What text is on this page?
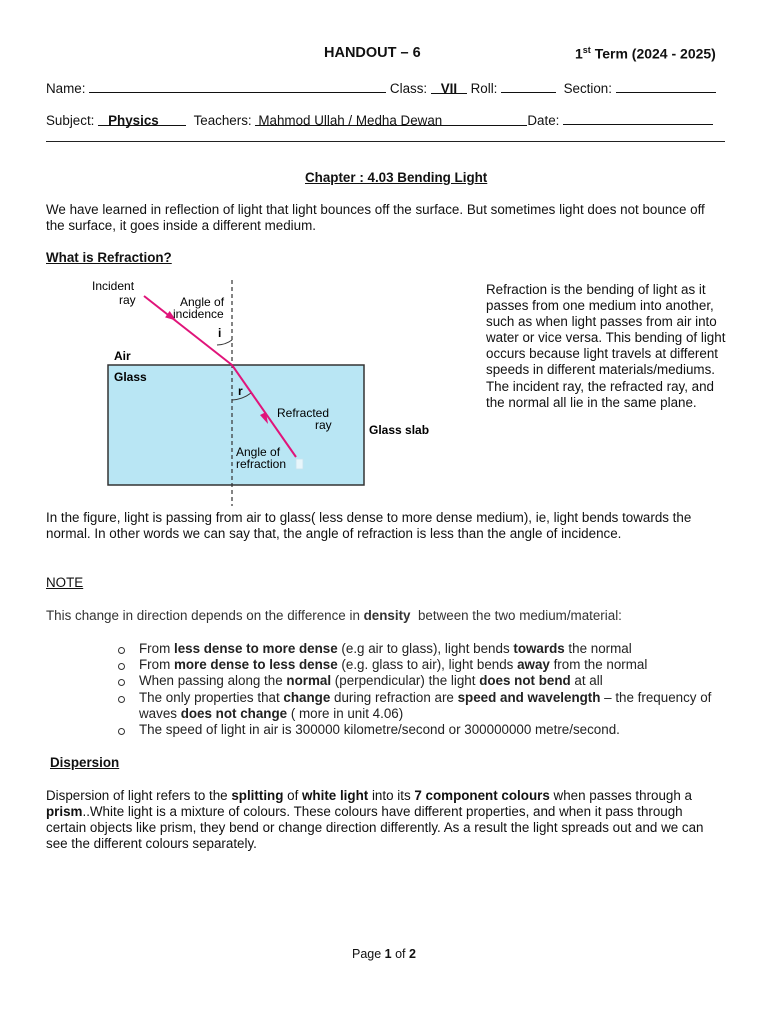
HANDOUT – 6	1st Term (2024 - 2025)
Name:	Class: VII Roll:	Section:
Subject: Physics	Teachers: Mahmod Ullah / Medha Dewan	Date:
Chapter : 4.03 Bending Light
We have learned in reflection of light that light bounces off the surface. But sometimes light does not bounce off the surface, it goes inside a different medium.
What is Refraction?
Incident
ray	Angle of
incidence
i
Air
Glass
r
Refracted
ray	Glass slab
Angle of
refraction
Refraction is the bending of light as it passes from one medium into another, such as when light passes from air into water or vice versa. This bending of light occurs because light travels at different speeds in different materials/mediums. The incident ray, the refracted ray, and the normal all lie in the same plane.
In the figure, light is passing from air to glass( less dense to more dense medium), ie, light bends towards the normal. In other words we can say that, the angle of refraction is less than the angle of incidence.
NOTE
This change in direction depends on the difference in density  between the two medium/material:
From less dense to more dense (e.g air to glass), light bends towards the normal
From more dense to less dense (e.g. glass to air), light bends away from the normal
When passing along the normal (perpendicular) the light does not bend at all
The only properties that change during refraction are speed and wavelength – the frequency of waves does not change ( more in unit 4.06)
The speed of light in air is 300000 kilometre/second or 300000000 metre/second.
Dispersion
Dispersion of light refers to the splitting of white light into its 7 component colours when passes through a prism..White light is a mixture of colours. These colours have different properties, and when it pass through certain objects like prism, they bend or change direction differently. As a result the light spreads out and we can see the different colours separately.
Page 1 of 2
